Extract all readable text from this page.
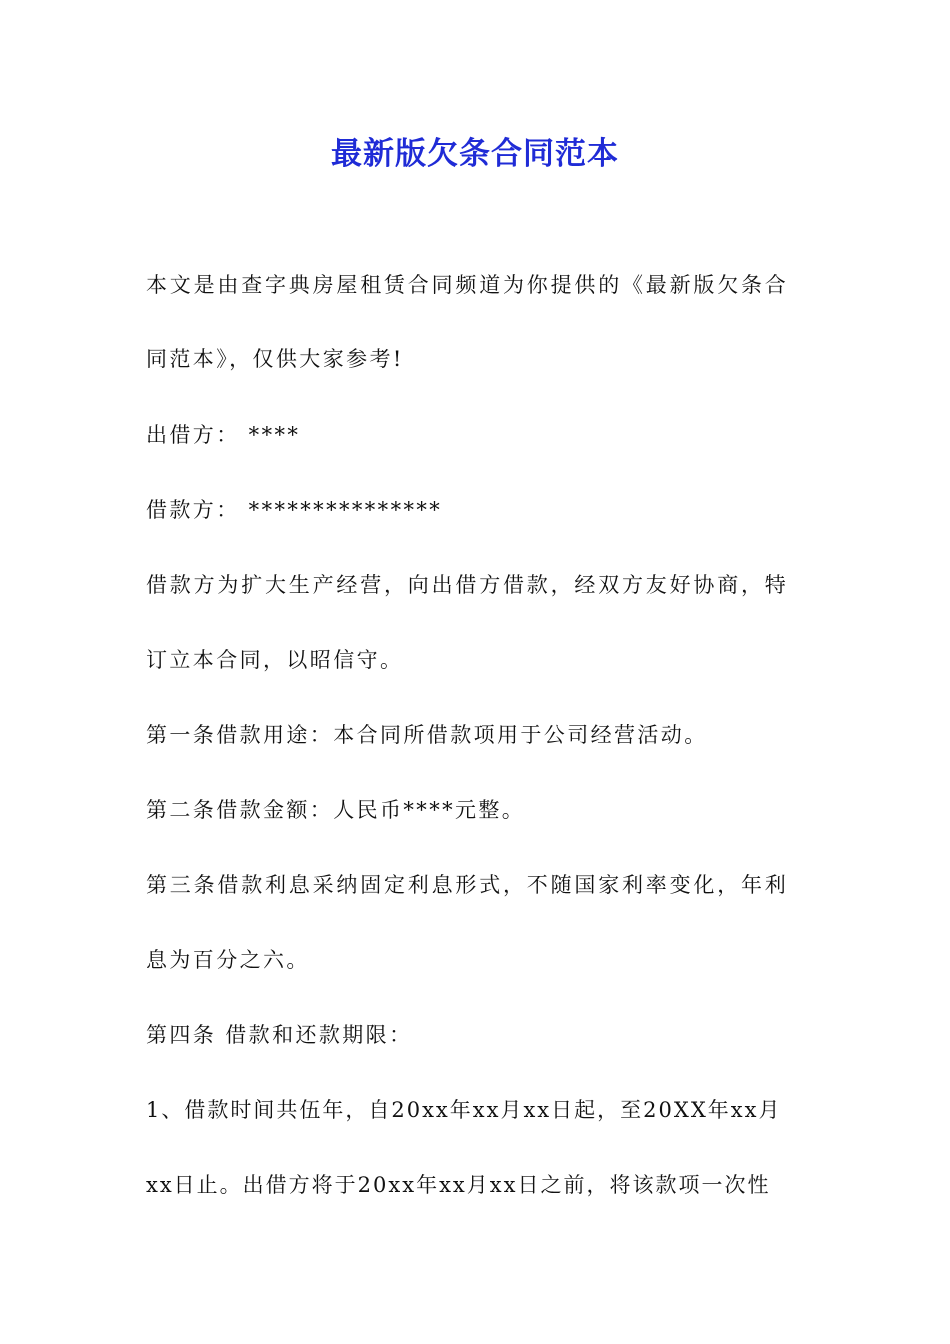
最新版欠条合同范本
本文是由查字典房屋租赁合同频道为你提供的《最新版欠条合
同范本》，仅供大家参考!
出借方： ****
借款方： ***************
借款方为扩大生产经营，向出借方借款，经双方友好协商，特
订立本合同，以昭信守。
第一条借款用途：本合同所借款项用于公司经营活动。
第二条借款金额：人民币****元整。
第三条借款利息采纳固定利息形式，不随国家利率变化，年利
息为百分之六。
第四条 借款和还款期限：
1、借款时间共伍年，自20xx年xx月xx日起，至20XX年xx月
xx日止。出借方将于20xx年xx月xx日之前，将该款项一次性
